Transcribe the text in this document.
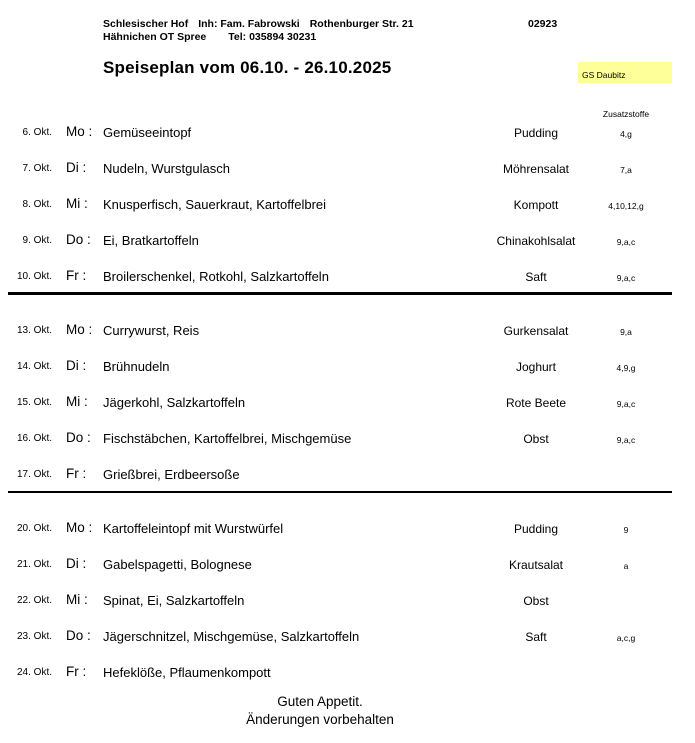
Schlesischer Hof Inh: Fam. Fabrowski Rothenburger Str. 21
Hähnichen OT Spree Tel: 035894 30231
02923
Speiseplan vom 06.10. - 26.10.2025	GS Daubitz
Zusatzstoffe
6. Okt. Mo : Gemüseeintopf	Pudding	4,g
7. Okt. Di : Nudeln, Wurstgulasch	Möhrensalat	7,a
8. Okt. Mi : Knusperfisch, Sauerkraut, Kartoffelbrei	Kompott	4,10,12,g
9. Okt. Do : Ei, Bratkartoffeln	Chinakohlsalat	9,a,c
10. Okt. Fr : Broilerschenkel, Rotkohl, Salzkartoffeln	Saft	9,a,c
13. Okt. Mo : Currywurst, Reis	Gurkensalat	9,a
14. Okt. Di : Brühnudeln	Joghurt	4,9,g
15. Okt. Mi : Jägerkohl, Salzkartoffeln	Rote Beete	9,a,c
16. Okt. Do : Fischstäbchen, Kartoffelbrei, Mischgemüse	Obst	9,a,c
17. Okt. Fr : Grießbrei, Erdbeersoße
20. Okt. Mo : Kartoffeleintopf mit Wurstwürfel	Pudding	9
21. Okt. Di : Gabelspagetti, Bolognese	Krautsalat	a
22. Okt. Mi : Spinat, Ei, Salzkartoffeln	Obst
23. Okt. Do : Jägerschnitzel, Mischgemüse, Salzkartoffeln	Saft	a,c,g
24. Okt. Fr : Hefeklöße, Pflaumenkompott
Guten Appetit.
Änderungen vorbehalten
